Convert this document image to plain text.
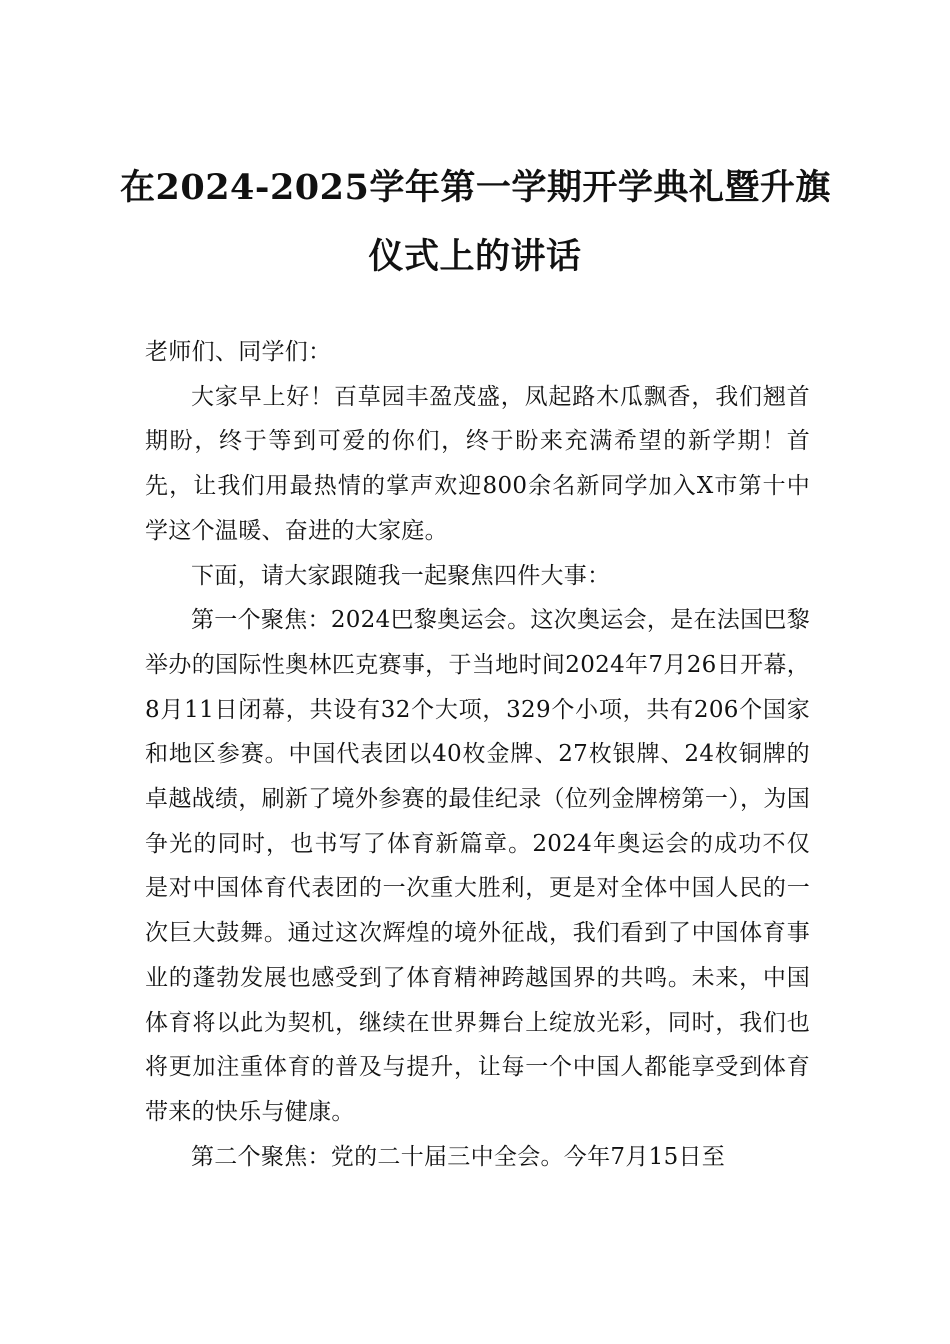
在2024-2025学年第一学期开学典礼暨升旗
仪式上的讲话

老师们、同学们：

大家早上好！百草园丰盈茂盛，凤起路木瓜飘香，我们翘首期盼，终于等到可爱的你们，终于盼来充满希望的新学期！首先，让我们用最热情的掌声欢迎800余名新同学加入X市第十中学这个温暖、奋进的大家庭。

下面，请大家跟随我一起聚焦四件大事：

第一个聚焦：2024巴黎奥运会。这次奥运会，是在法国巴黎举办的国际性奥林匹克赛事，于当地时间2024年7月26日开幕，8月11日闭幕，共设有32个大项，329个小项，共有206个国家和地区参赛。中国代表团以40枚金牌、27枚银牌、24枚铜牌的卓越战绩，刷新了境外参赛的最佳纪录（位列金牌榜第一），为国争光的同时，也书写了体育新篇章。2024年奥运会的成功不仅是对中国体育代表团的一次重大胜利，更是对全体中国人民的一次巨大鼓舞。通过这次辉煌的境外征战，我们看到了中国体育事业的蓬勃发展也感受到了体育精神跨越国界的共鸣。未来，中国体育将以此为契机，继续在世界舞台上绽放光彩，同时，我们也将更加注重体育的普及与提升，让每一个中国人都能享受到体育带来的快乐与健康。

第二个聚焦：党的二十届三中全会。今年7月15日至
